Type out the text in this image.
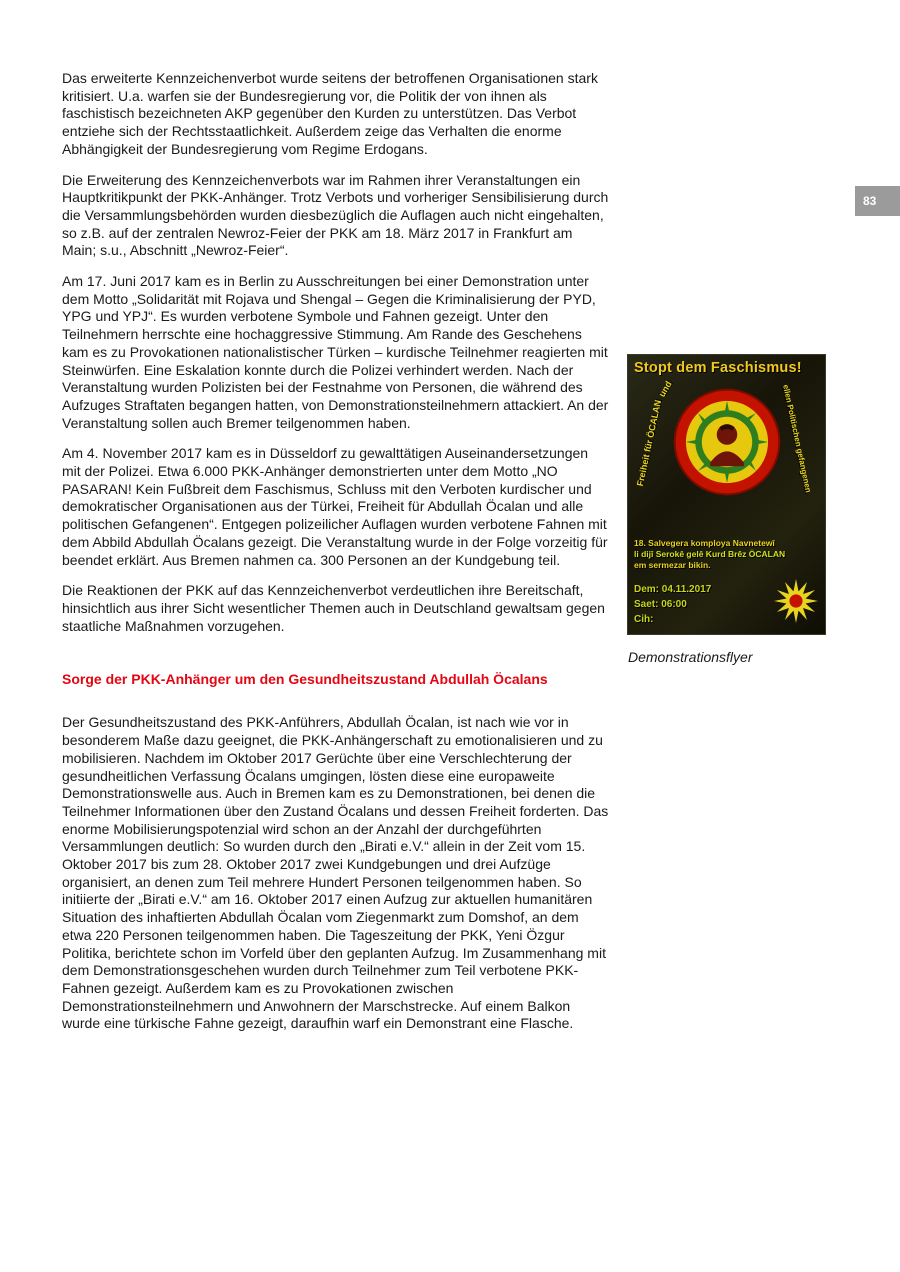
83

Das erweiterte Kennzeichenverbot wurde seitens der betroffenen Organisationen stark kritisiert. U.a. warfen sie der Bundesregierung vor, die Politik der von ihnen als faschistisch bezeichneten AKP gegenüber den Kurden zu unterstützen. Das Verbot entziehe sich der Rechtsstaatlichkeit. Außerdem zeige das Verhalten die enorme Abhängigkeit der Bundesregierung vom Regime Erdogans.

Die Erweiterung des Kennzeichenverbots war im Rahmen ihrer Veranstaltungen ein Hauptkritikpunkt der PKK-Anhänger. Trotz Verbots und vorheriger Sensibilisierung durch die Versammlungsbehörden wurden diesbezüglich die Auflagen auch nicht eingehalten, so z.B. auf der zentralen Newroz-Feier der PKK am 18. März 2017 in Frankfurt am Main; s.u., Abschnitt „Newroz-Feier“.

Am 17. Juni 2017 kam es in Berlin zu Ausschreitungen bei einer Demonstration unter dem Motto „Solidarität mit Rojava und Shengal – Gegen die Kriminalisierung der PYD, YPG und YPJ“. Es wurden verbotene Symbole und Fahnen gezeigt. Unter den Teilnehmern herrschte eine hochaggressive Stimmung. Am Rande des Geschehens kam es zu Provokationen nationalistischer Türken – kurdische Teilnehmer reagierten mit Steinwürfen. Eine Eskalation konnte durch die Polizei verhindert werden. Nach der Veranstaltung wurden Polizisten bei der Festnahme von Personen, die während des Aufzuges Straftaten begangen hatten, von Demonstrationsteilnehmern attackiert. An der Veranstaltung sollen auch Bremer teilgenommen haben.

Am 4. November 2017 kam es in Düsseldorf zu gewalttätigen Auseinandersetzungen mit der Polizei. Etwa 6.000 PKK-Anhänger demonstrierten unter dem Motto „NO PASARAN! Kein Fußbreit dem Faschismus, Schluss mit den Verboten kurdischer und demokratischer Organisationen aus der Türkei, Freiheit für Abdullah Öcalan und alle politischen Gefangenen“. Entgegen polizeilicher Auflagen wurden verbotene Fahnen mit dem Abbild Abdullah Öcalans gezeigt. Die Veranstaltung wurde in der Folge vorzeitig für beendet erklärt. Aus Bremen nahmen ca. 300 Personen an der Kundgebung teil.

Die Reaktionen der PKK auf das Kennzeichenverbot verdeutlichen ihre Bereitschaft, hinsichtlich aus ihrer Sicht wesentlicher Themen auch in Deutschland gewaltsam gegen staatliche Maßnahmen vorzugehen.

Sorge der PKK-Anhänger um den Gesundheitszustand Abdullah Öcalans

Der Gesundheitszustand des PKK-Anführers, Abdullah Öcalan, ist nach wie vor in besonderem Maße dazu geeignet, die PKK-Anhängerschaft zu emotionalisieren und zu mobilisieren. Nachdem im Oktober 2017 Gerüchte über eine Verschlechterung der gesundheitlichen Verfassung Öcalans umgingen, lösten diese eine europaweite Demonstrationswelle aus. Auch in Bremen kam es zu Demonstrationen, bei denen die Teilnehmer Informationen über den Zustand Öcalans und dessen Freiheit forderten. Das enorme Mobilisierungspotenzial wird schon an der Anzahl der durchgeführten Versammlungen deutlich: So wurden durch den „Birati e.V.“ allein in der Zeit vom 15. Oktober 2017 bis zum 28. Oktober 2017 zwei Kundgebungen und drei Aufzüge organisiert, an denen zum Teil mehrere Hundert Personen teilgenommen haben. So initiierte der „Birati e.V.“ am 16. Oktober 2017 einen Aufzug zur aktuellen humanitären Situation des inhaftierten Abdullah Öcalan vom Ziegenmarkt zum Domshof, an dem etwa 220 Personen teilgenommen haben. Die Tageszeitung der PKK, Yeni Özgur Politika, berichtete schon im Vorfeld über den geplanten Aufzug. Im Zusammenhang mit dem Demonstrationsgeschehen wurden durch Teilnehmer zum Teil verbotene PKK-Fahnen gezeigt. Außerdem kam es zu Provokationen zwischen Demonstrationsteilnehmern und Anwohnern der Marschstrecke. Auf einem Balkon wurde eine türkische Fahne gezeigt, daraufhin warf ein Demonstrant eine Flasche.

Stopt dem Faschismus!
Freiheit für ÖCALAN
und	ellen Politischen gefangenen
18. Salvegera komploya Navnetewî
li dijî Serokê gelê Kurd Brêz ÖCALAN
em sermezar bikin.
Dem: 04.11.2017
Saet: 06:00
Cih:
Demonstrationsflyer
